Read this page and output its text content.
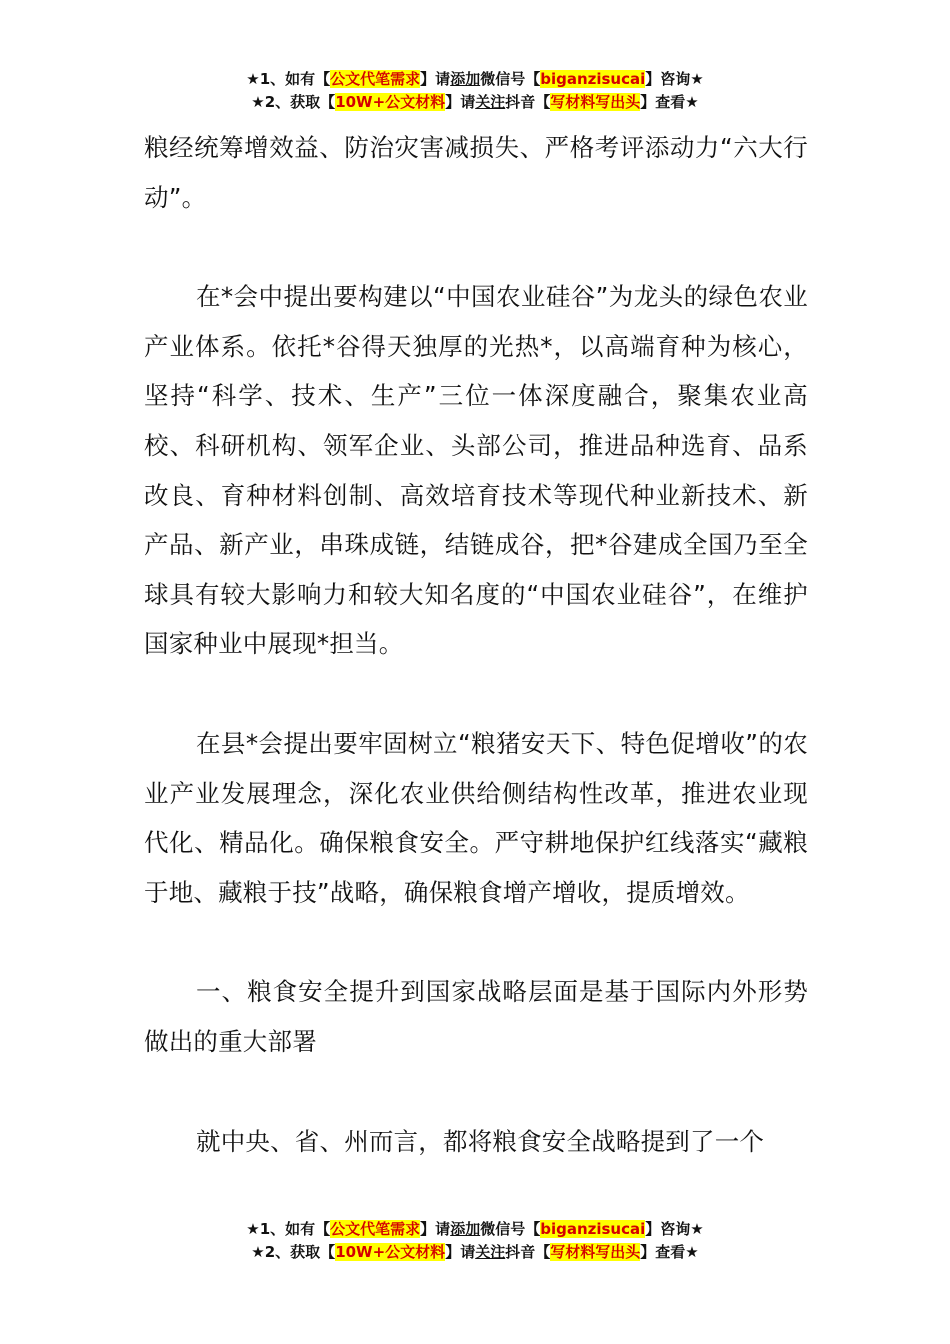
★1、如有【公文代笔需求】请添加微信号【biganzisucai】咨询★
★2、获取【10W+公文材料】请关注抖音【写材料写出头】查看★

粮经统筹增效益、防治灾害减损失、严格考评添动力“六大行动”。

在*会中提出要构建以“中国农业硅谷”为龙头的绿色农业产业体系。依托*谷得天独厚的光热*，以高端育种为核心，坚持“科学、技术、生产”三位一体深度融合，聚集农业高校、科研机构、领军企业、头部公司，推进品种选育、品系改良、育种材料创制、高效培育技术等现代种业新技术、新产品、新产业，串珠成链，结链成谷，把*谷建成全国乃至全球具有较大影响力和较大知名度的“中国农业硅谷”，在维护国家种业中展现*担当。

在县*会提出要牢固树立“粮猪安天下、特色促增收”的农业产业发展理念，深化农业供给侧结构性改革，推进农业现代化、精品化。确保粮食安全。严守耕地保护红线落实“藏粮于地、藏粮于技”战略，确保粮食增产增收，提质增效。

一、粮食安全提升到国家战略层面是基于国际内外形势做出的重大部署

就中央、省、州而言，都将粮食安全战略提到了一个

★1、如有【公文代笔需求】请添加微信号【biganzisucai】咨询★
★2、获取【10W+公文材料】请关注抖音【写材料写出头】查看★
